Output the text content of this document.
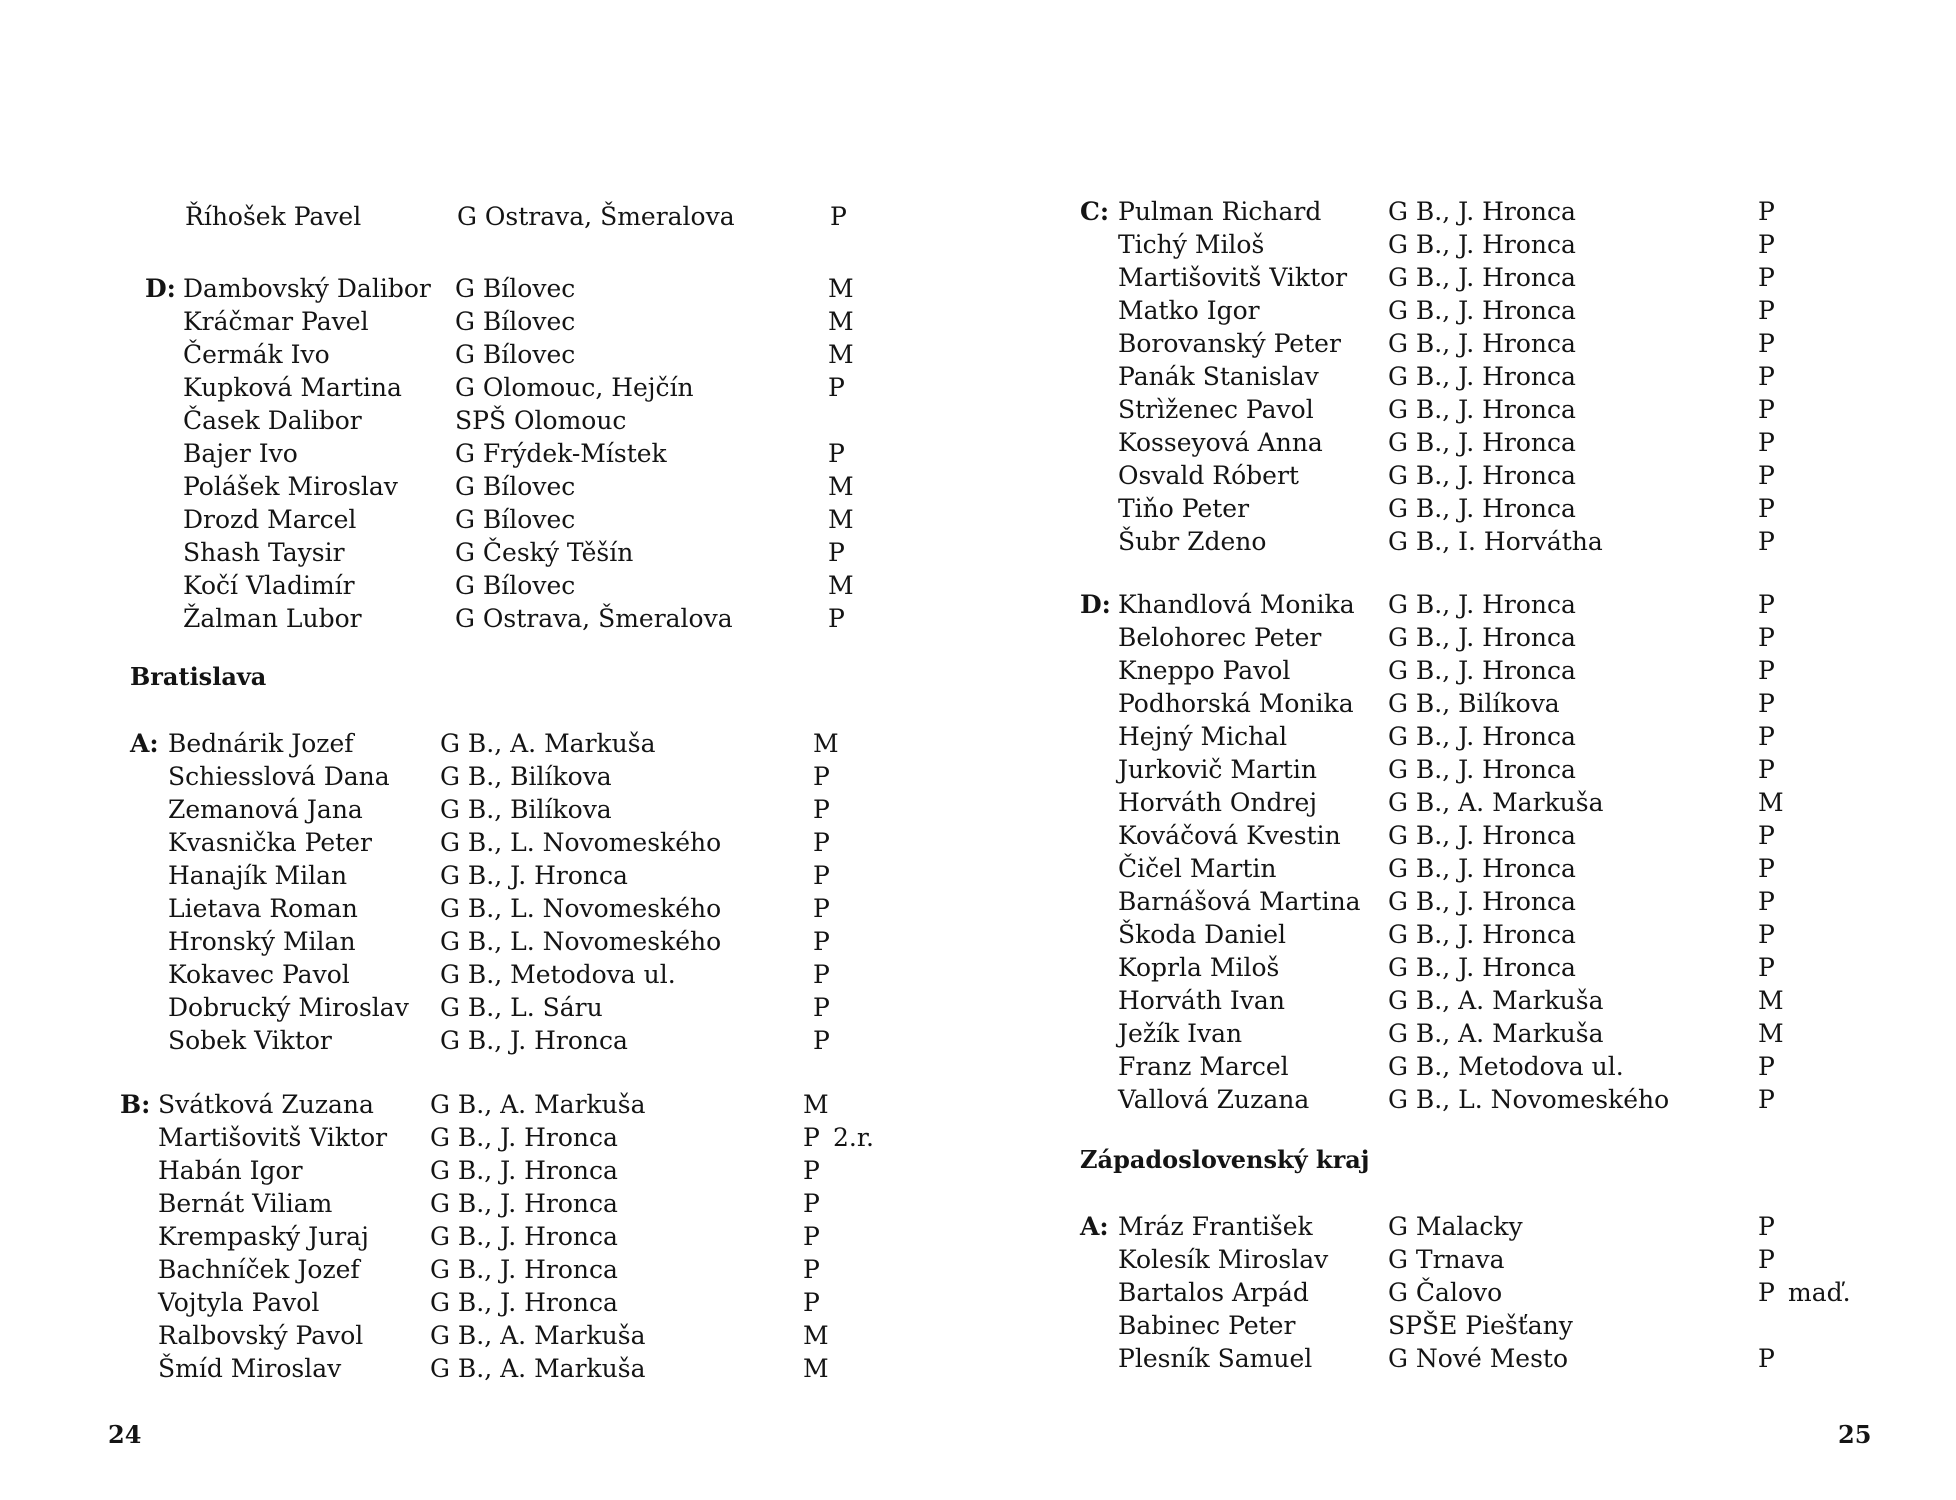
Říhošek Pavel	G Ostrava, Šmeralova	P
D: Dambovský Dalibor G Bílovec	M
Kráčmar Pavel	G Bílovec	M
Čermák Ivo	G Bílovec	M
Kupková Martina G Olomouc, Hejčín	P
Časek Dalibor	SPŠ Olomouc
Bajer Ivo	G Frýdek-Místek	P
Polášek Miroslav G Bílovec	M
Drozd Marcel	G Bílovec	M
Shash Taysir	G Český Těšín	P
Kočí Vladimír	G Bílovec	M
Žalman Lubor	G Ostrava, Šmeralova	P
Bratislava
A: Bednárik Jozef	G B., A. Markuša	M
Schiesslová Dana G B., Bilíkova	P
Zemanová Jana	G B., Bilíkova	P
Kvasnička Peter	G B., L. Novomeského	P
Hanajík Milan	G B., J. Hronca	P
Lietava Roman	G B., L. Novomeského	P
Hronský Milan	G B., L. Novomeského	P
Kokavec Pavol	G B., Metodova ul.	P
Dobrucký Miroslav G B., L. Sáru	P
Sobek Viktor	G B., J. Hronca	P
B: Svátková Zuzana G B., A. Markuša	M
Martišovitš Viktor G B., J. Hronca	P 2.r.
Habán Igor	G B., J. Hronca	P
Bernát Viliam	G B., J. Hronca	P
Krempaský Juraj G B., J. Hronca	P
Bachníček Jozef	G B., J. Hronca	P
Vojtyla Pavol	G B., J. Hronca	P
Ralbovský Pavol	G B., A. Markuša	M
Šmíd Miroslav	G B., A. Markuša	M
24
C: Pulman Richard	G B., J. Hronca	P
Tichý Miloš	G B., J. Hronca	P
Martišovitš Viktor G B., J. Hronca	P
Matko Igor	G B., J. Hronca	P
Borovanský Peter G B., J. Hronca	P
Panák Stanislav	G B., J. Hronca	P
Strìženec Pavol	G B., J. Hronca	P
Kosseyová Anna	G B., J. Hronca	P
Osvald Róbert	G B., J. Hronca	P
Tiňo Peter	G B., J. Hronca	P
Šubr Zdeno	G B., I. Horvátha	P
D: Khandlová Monika G B., J. Hronca	P
Belohorec Peter	G B., J. Hronca	P
Kneppo Pavol	G B., J. Hronca	P
Podhorská Monika G B., Bilíkova	P
Hejný Michal	G B., J. Hronca	P
Jurkovič Martin	G B., J. Hronca	P
Horváth Ondrej	G B., A. Markuša	M
Kováčová Kvestin G B., J. Hronca	P
Čičel Martin	G B., J. Hronca	P
Barnášová Martina G B., J. Hronca	P
Škoda Daniel	G B., J. Hronca	P
Koprla Miloš	G B., J. Hronca	P
Horváth Ivan	G B., A. Markuša	M
Ježík Ivan	G B., A. Markuša	M
Franz Marcel	G B., Metodova ul.	P
Vallová Zuzana	G B., L. Novomeského	P
Západoslovenský kraj
A: Mráz František	G Malacky	P
Kolesík Miroslav G Trnava	P
Bartalos Arpád	G Čalovo	P maď.
Babinec Peter	SPŠE Piešťany
Plesník Samuel	G Nové Mesto	P
25
